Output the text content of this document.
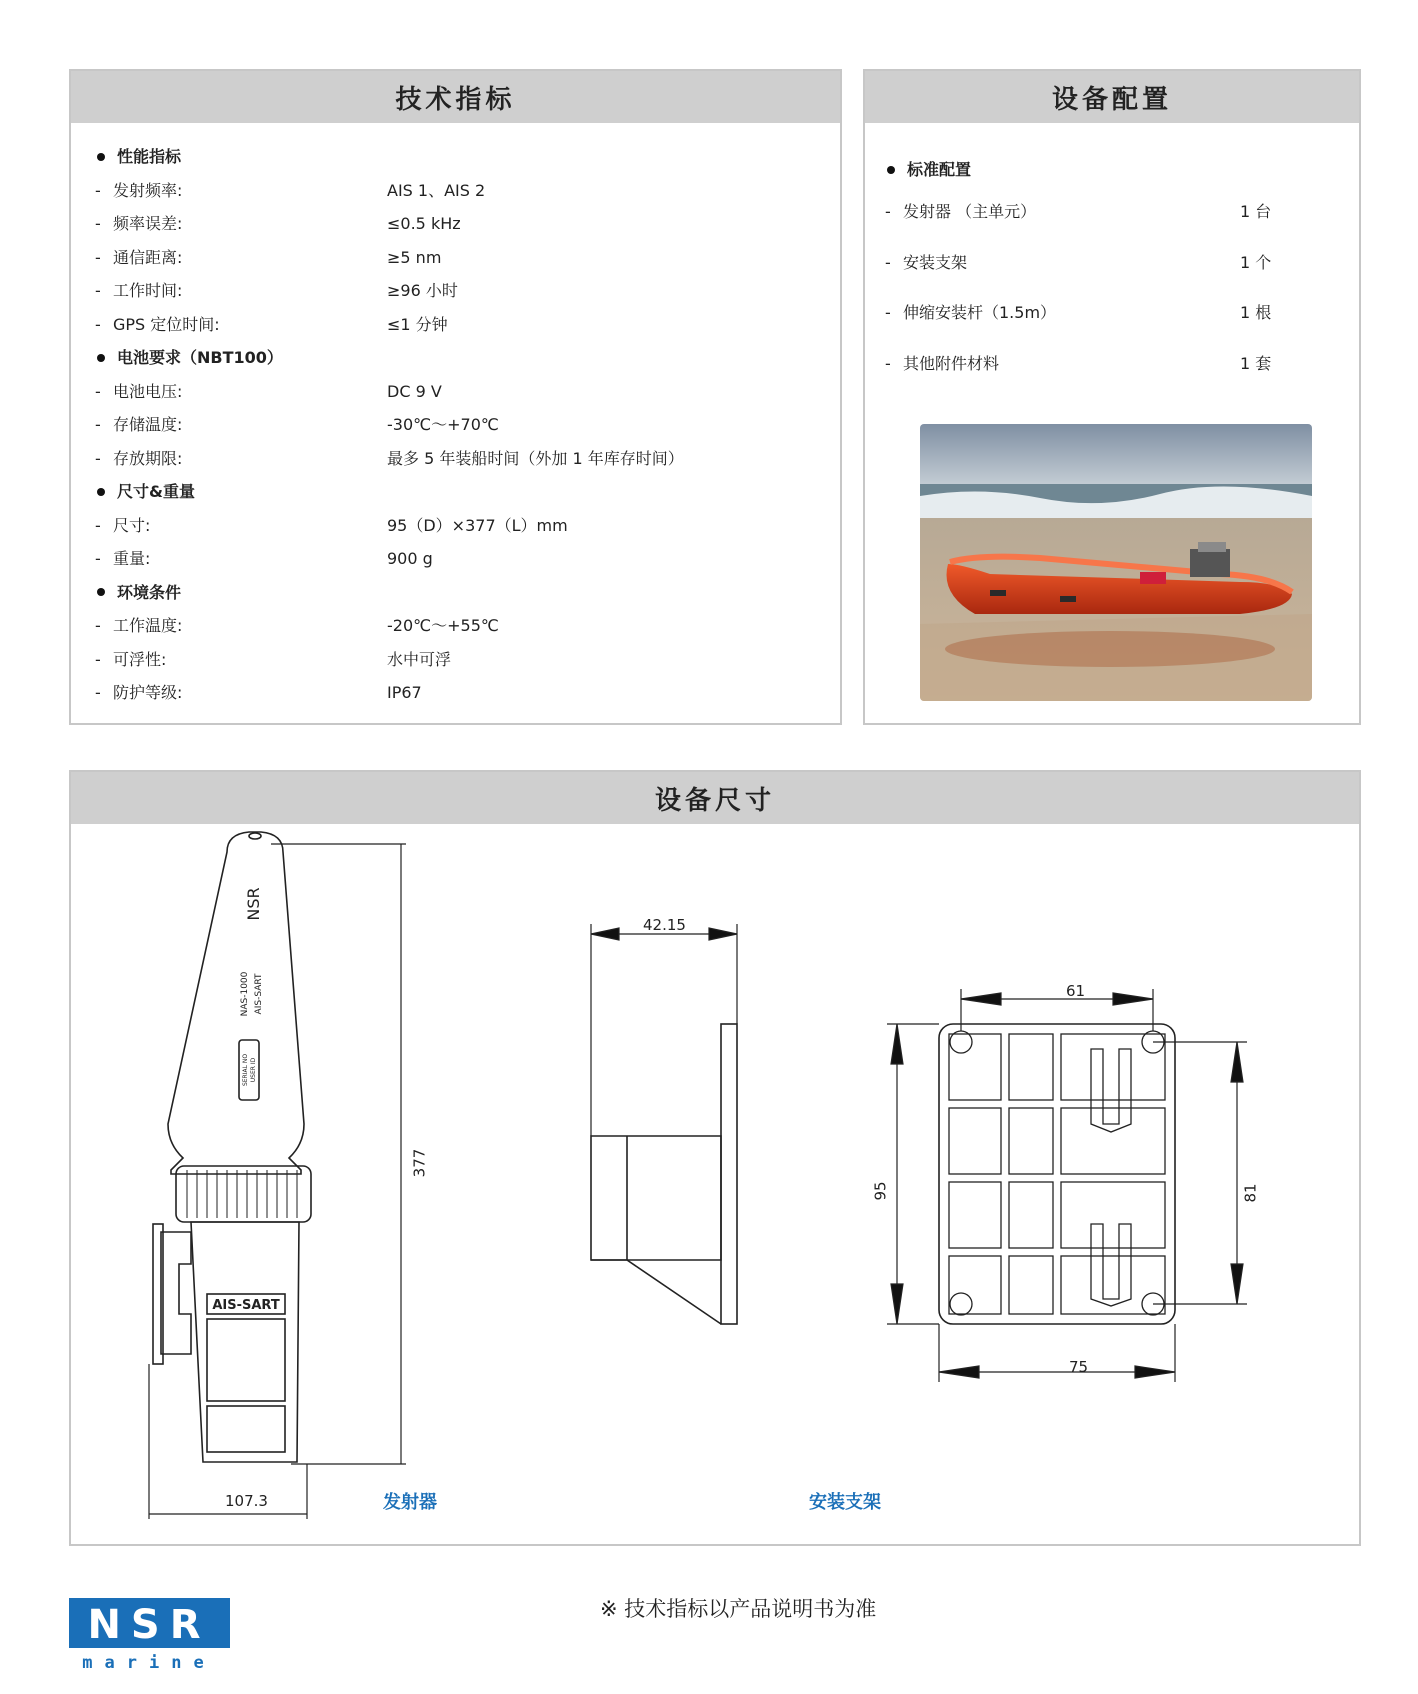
技术指标
性能指标
- 发射频率:	AIS 1、AIS 2
- 频率误差:	≤0.5 kHz
- 通信距离:	≥5 nm
- 工作时间:	≥96 小时
- GPS 定位时间:	≤1 分钟
电池要求（NBT100）
- 电池电压:	DC 9 V
- 存储温度:	-30℃～+70℃
- 存放期限:	最多 5 年装船时间（外加 1 年库存时间）
尺寸&重量
- 尺寸:	95（D）×377（L）mm
- 重量:	900 g
环境条件
- 工作温度:	-20℃～+55℃
- 可浮性:	水中可浮
- 防护等级:	IP67
设备配置
标准配置
- 发射器 （主单元）	1 台
- 安装支架	1 个
- 伸缩安装杆（1.5m）	1 根
- 其他附件材料	1 套
设备尺寸
NSR
NAS-1000 AIS-SART
SERIAL NO USER ID
AIS-SART
377
107.3
42.15
61
95	81
75
发射器	安装支架
NSR
marine
※ 技术指标以产品说明书为准
